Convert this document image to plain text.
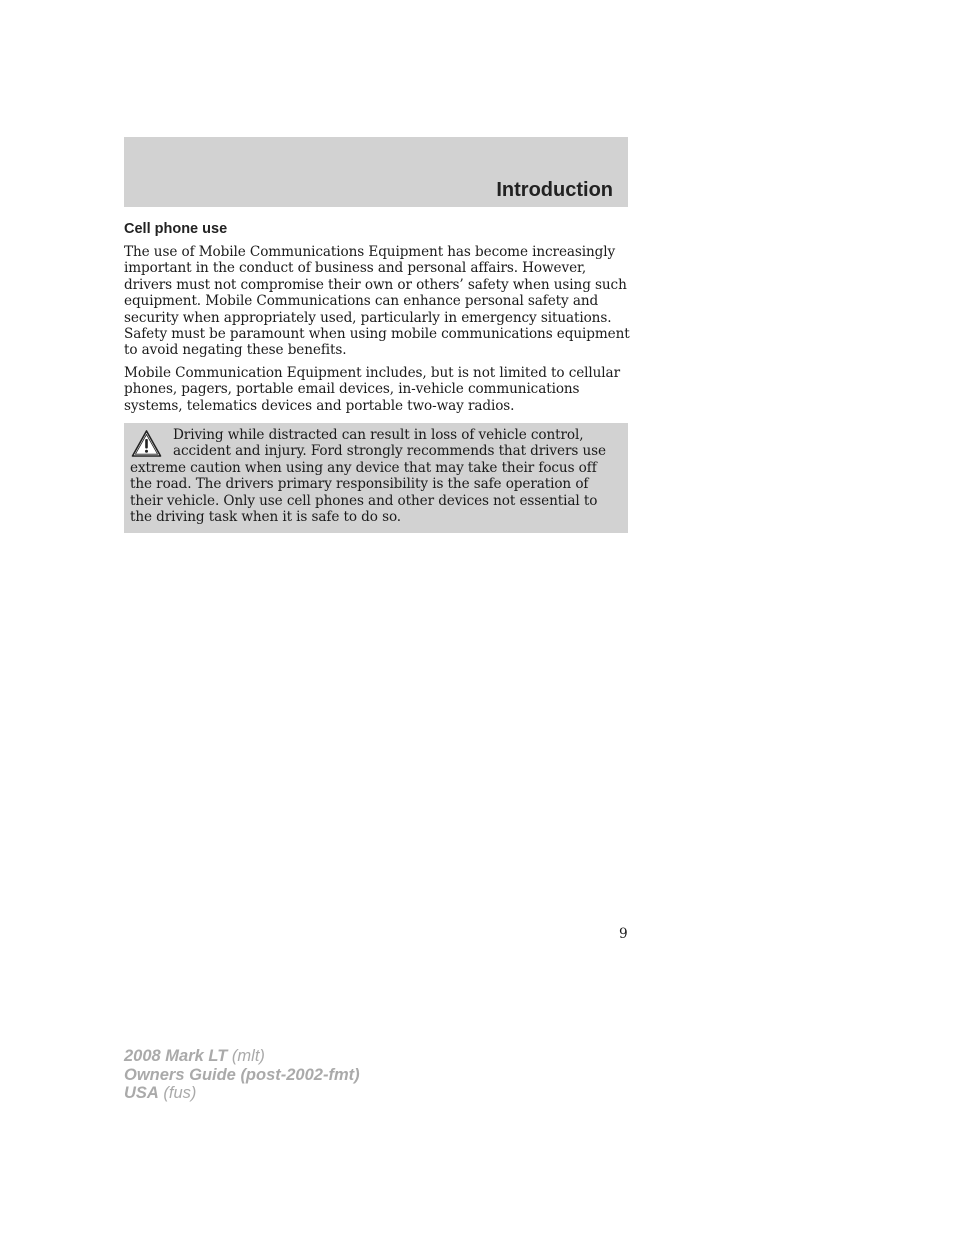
Introduction
Cell phone use

The use of Mobile Communications Equipment has become increasingly important in the conduct of business and personal affairs. However, drivers must not compromise their own or others’ safety when using such equipment. Mobile Communications can enhance personal safety and security when appropriately used, particularly in emergency situations. Safety must be paramount when using mobile communications equipment to avoid negating these benefits.

Mobile Communication Equipment includes, but is not limited to cellular phones, pagers, portable email devices, in-vehicle communications systems, telematics devices and portable two-way radios.

Driving while distracted can result in loss of vehicle control, accident and injury. Ford strongly recommends that drivers use extreme caution when using any device that may take their focus off the road. The drivers primary responsibility is the safe operation of their vehicle. Only use cell phones and other devices not essential to the driving task when it is safe to do so.

9
2008 Mark LT (mlt)
Owners Guide (post-2002-fmt)
USA (fus)
